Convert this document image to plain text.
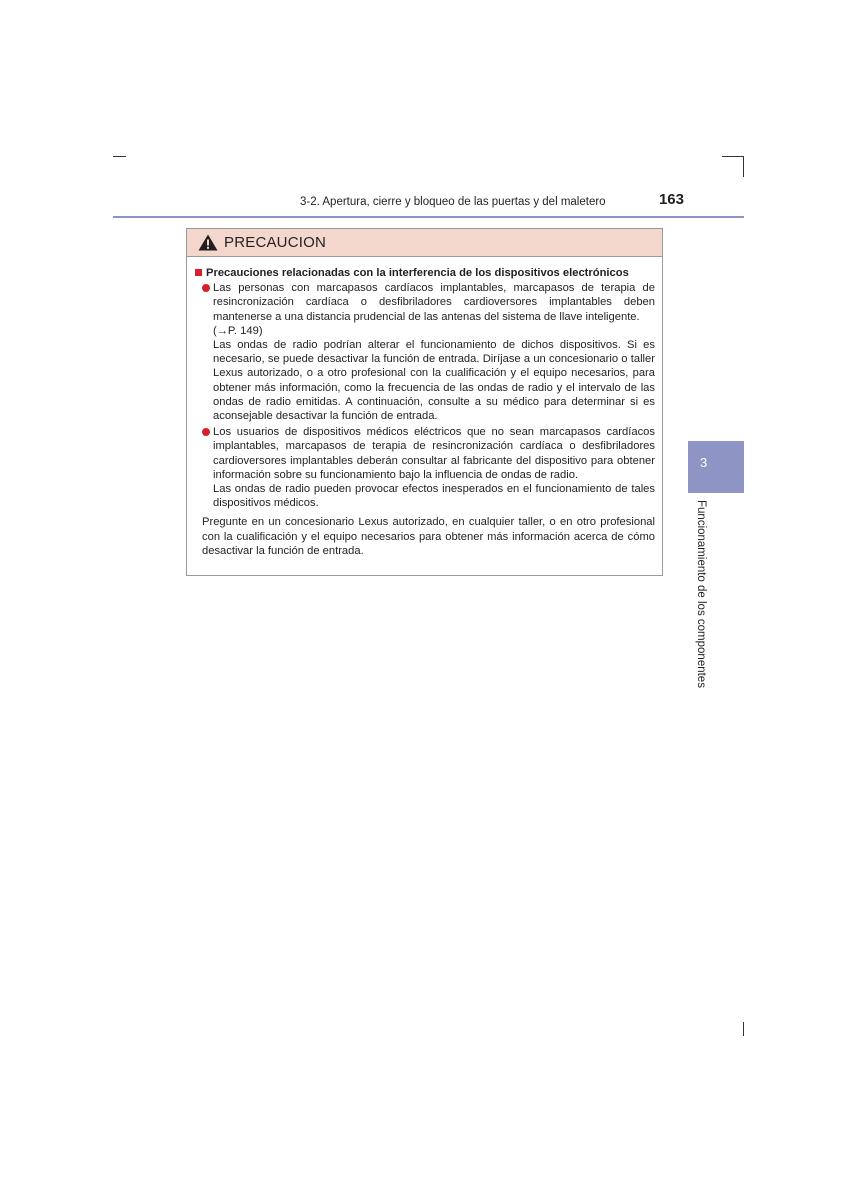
3-2. Apertura, cierre y bloqueo de las puertas y del maletero	163
3
Funcionamiento de los componentes
PRECAUCION
Precauciones relacionadas con la interferencia de los dispositivos electrónicos

Las personas con marcapasos cardíacos implantables, marcapasos de terapia de resincronización cardíaca o desfibriladores cardioversores implantables deben mantenerse a una distancia prudencial de las antenas del sistema de llave inteligente.

(→P. 149)

Las ondas de radio podrían alterar el funcionamiento de dichos dispositivos. Si es necesario, se puede desactivar la función de entrada. Diríjase a un concesionario o taller Lexus autorizado, o a otro profesional con la cualificación y el equipo necesarios, para obtener más información, como la frecuencia de las ondas de radio y el intervalo de las ondas de radio emitidas. A continuación, consulte a su médico para determinar si es aconsejable desactivar la función de entrada.

Los usuarios de dispositivos médicos eléctricos que no sean marcapasos cardíacos implantables, marcapasos de terapia de resincronización cardíaca o desfibriladores cardioversores implantables deberán consultar al fabricante del dispositivo para obtener información sobre su funcionamiento bajo la influencia de ondas de radio.

Las ondas de radio pueden provocar efectos inesperados en el funcionamiento de tales dispositivos médicos.

Pregunte en un concesionario Lexus autorizado, en cualquier taller, o en otro profesional con la cualificación y el equipo necesarios para obtener más información acerca de cómo desactivar la función de entrada.
